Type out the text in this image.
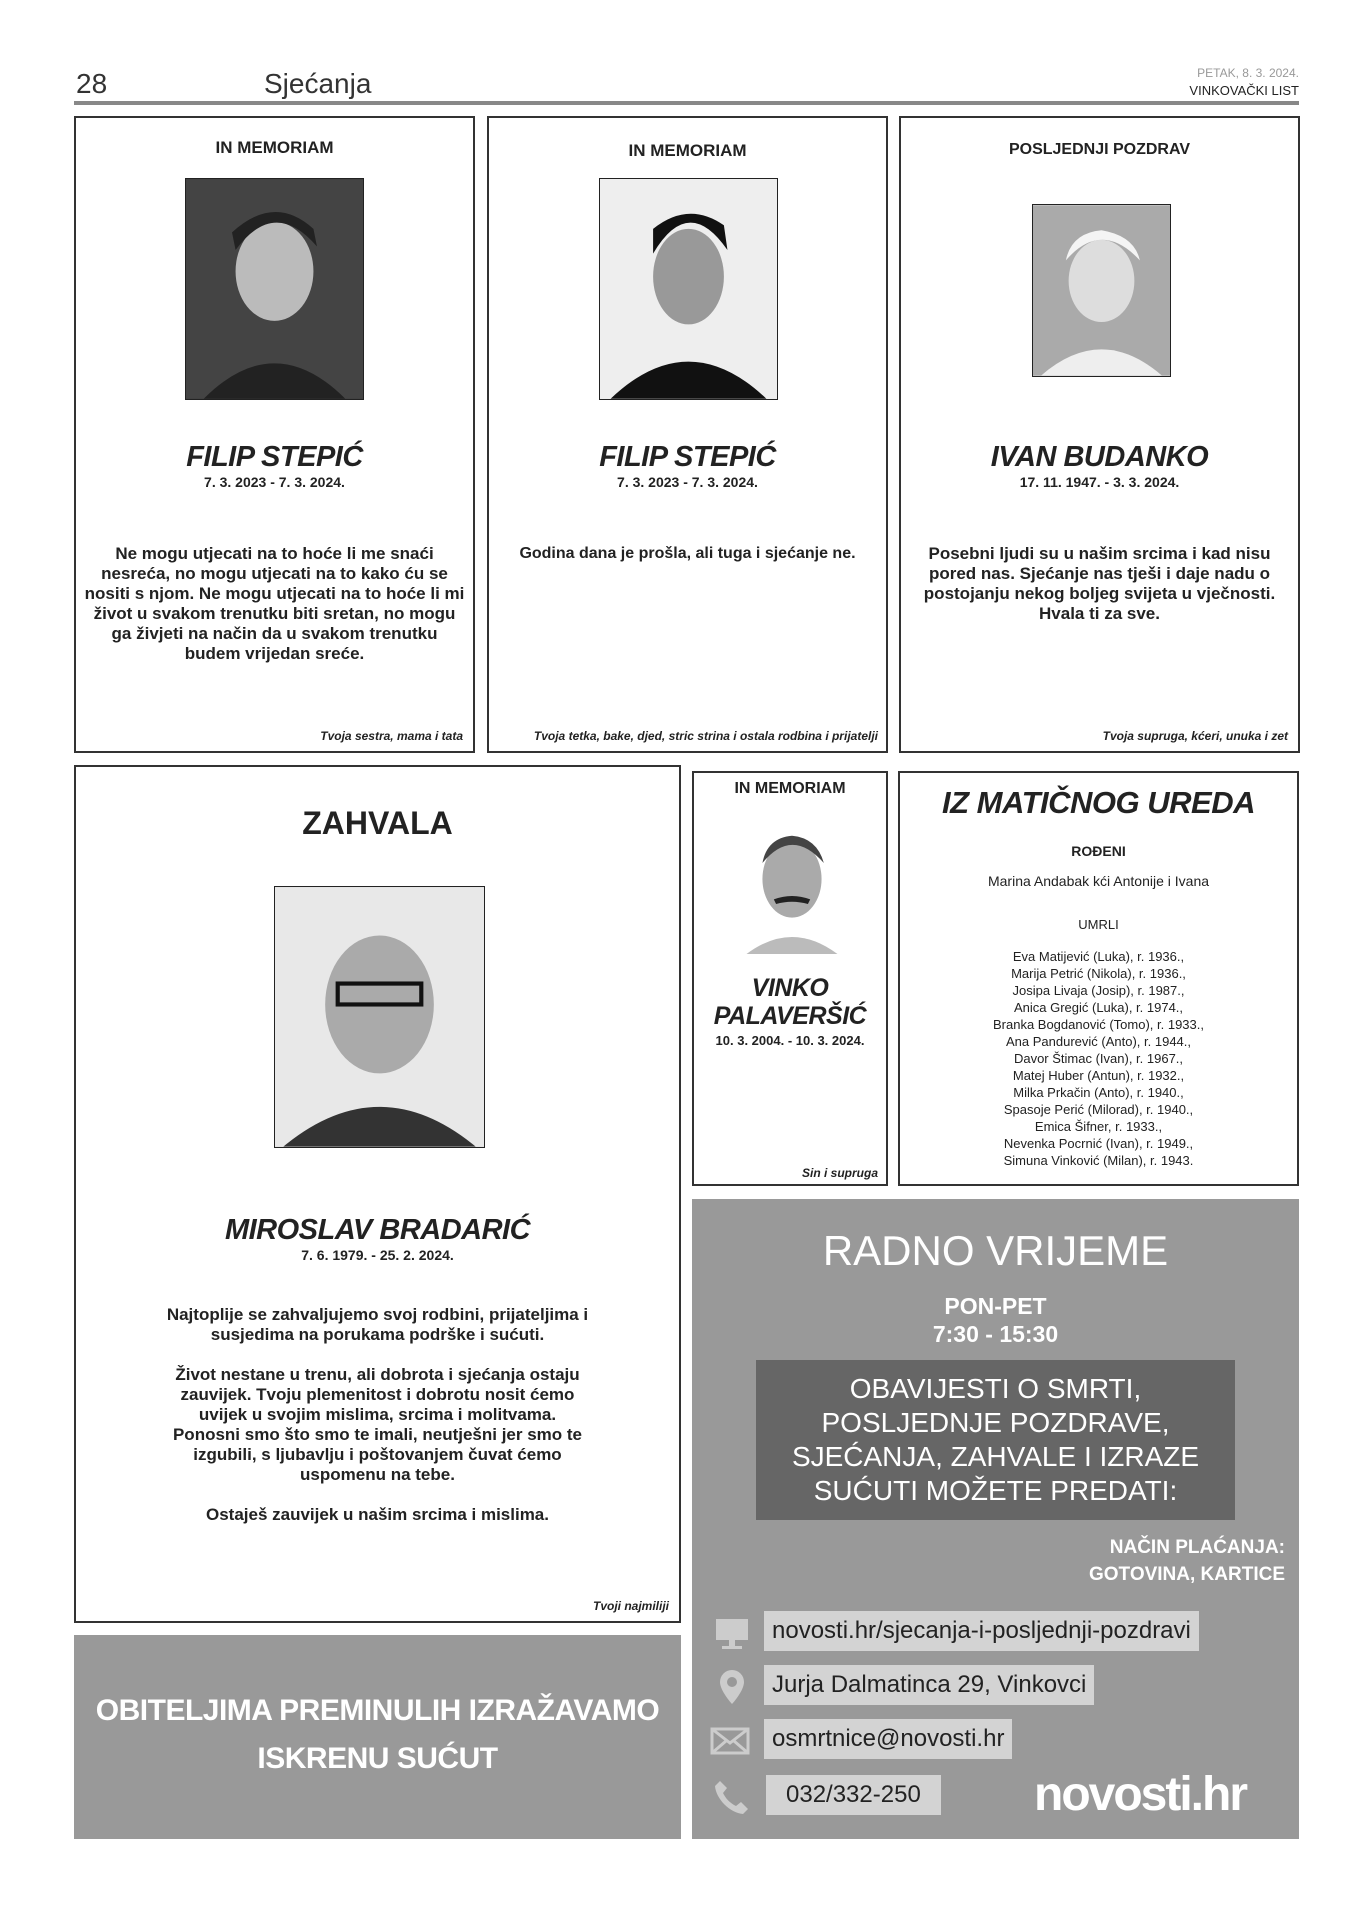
28	Sjećanja	PETAK, 8. 3. 2024.
VINKOVAČKI LIST
IN MEMORIAM
FILIP STEPIĆ
7. 3. 2023 - 7. 3. 2024.
Ne mogu utjecati na to hoće li me snaći nesreća, no mogu utjecati na to kako ću se nositi s njom. Ne mogu utjecati na to hoće li mi život u svakom trenutku biti sretan, no mogu ga živjeti na način da u svakom trenutku budem vrijedan sreće.
Tvoja sestra, mama i tata
IN MEMORIAM
FILIP STEPIĆ
7. 3. 2023 - 7. 3. 2024.
Godina dana je prošla, ali tuga i sjećanje ne.
Tvoja tetka, bake, djed, stric strina i ostala rodbina i prijatelji
POSLJEDNJI POZDRAV
IVAN BUDANKO
17. 11. 1947. - 3. 3. 2024.
Posebni ljudi su u našim srcima i kad nisu pored nas. Sjećanje nas tješi i daje nadu o postojanju nekog boljeg svijeta u vječnosti. Hvala ti za sve.
Tvoja supruga, kćeri, unuka i zet
ZAHVALA
MIROSLAV BRADARIĆ
7. 6. 1979. - 25. 2. 2024.

Najtoplije se zahvaljujemo svoj rodbini, prijateljima i susjedima na porukama podrške i sućuti.

Život nestane u trenu, ali dobrota i sjećanja ostaju zauvijek. Tvoju plemenitost i dobrotu nosit ćemo uvijek u svojim mislima, srcima i molitvama. Ponosni smo što smo te imali, neutješni jer smo te izgubili, s ljubavlju i poštovanjem čuvat ćemo uspomenu na tebe.

Ostaješ zauvijek u našim srcima i mislima.

Tvoji najmiliji
IN MEMORIAM
VINKO
PALAVERŠIĆ
10. 3. 2004. - 10. 3. 2024.
Sin i supruga
IZ MATIČNOG UREDA
ROĐENI
Marina Andabak kći Antonije i Ivana
UMRLI
Eva Matijević (Luka), r. 1936.,
Marija Petrić (Nikola), r. 1936.,
Josipa Livaja (Josip), r. 1987.,
Anica Gregić (Luka), r. 1974.,
Branka Bogdanović (Tomo), r. 1933.,
Ana Pandurević (Anto), r. 1944.,
Davor Štimac (Ivan), r. 1967.,
Matej Huber (Antun), r. 1932.,
Milka Prkačin (Anto), r. 1940.,
Spasoje Perić (Milorad), r. 1940.,
Emica Šifner, r. 1933.,
Nevenka Pocrnić (Ivan), r. 1949.,
Simuna Vinković (Milan), r. 1943.
OBITELJIMA PREMINULIH IZRAŽAVAMO
ISKRENU SUĆUT
RADNO VRIJEME
PON-PET
7:30 - 15:30
OBAVIJESTI O SMRTI, POSLJEDNJE POZDRAVE, SJEĆANJA, ZAHVALE I IZRAZE SUĆUTI MOŽETE PREDATI:
NAČIN PLAĆANJA:
GOTOVINA, KARTICE
novosti.hr/sjecanja-i-posljednji-pozdravi
Jurja Dalmatinca 29, Vinkovci
osmrtnice@novosti.hr
032/332-250	novosti.hr
